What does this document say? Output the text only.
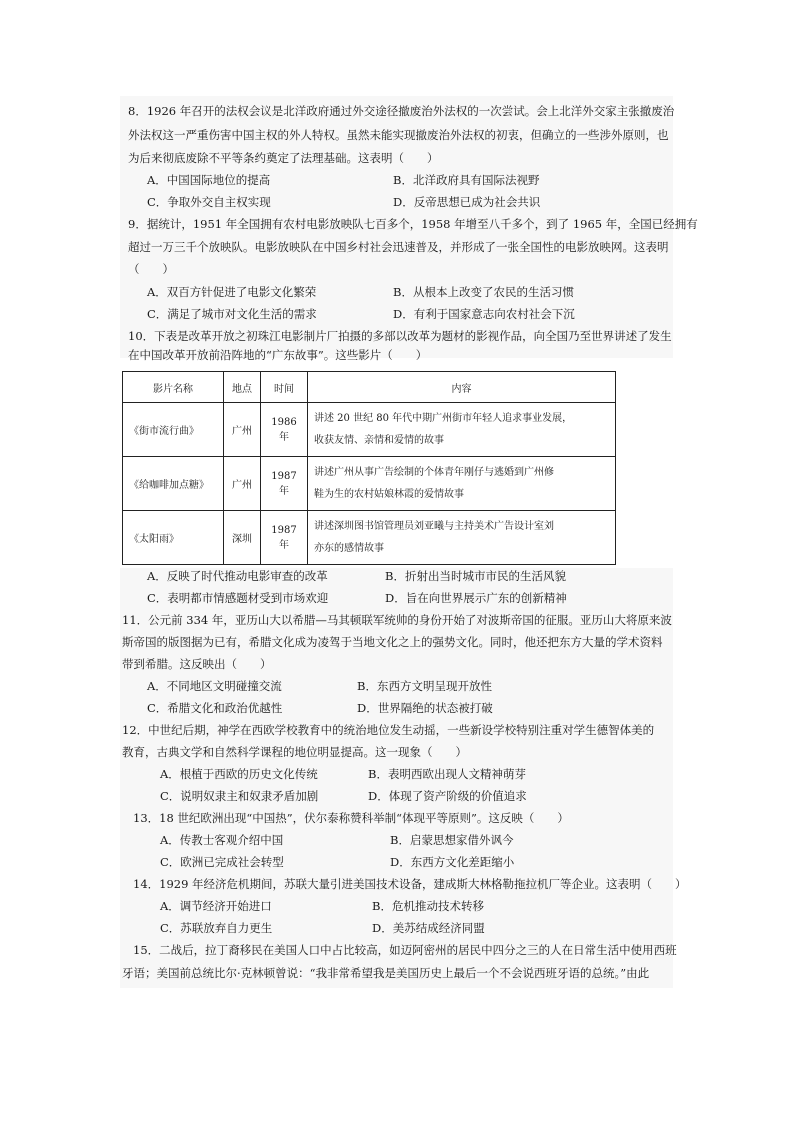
8．1926 年召开的法权会议是北洋政府通过外交途径撤废治外法权的一次尝试。会上北洋外交家主张撤废治
外法权这一严重伤害中国主权的外人特权。虽然未能实现撤废治外法权的初衷，但确立的一些涉外原则，也
为后来彻底废除不平等条约奠定了法理基础。这表明（　　）
A．中国国际地位的提高	B．北洋政府具有国际法视野
C．争取外交自主权实现	D．反帝思想已成为社会共识
9．据统计，1951 年全国拥有农村电影放映队七百多个，1958 年增至八千多个，到了 1965 年，全国已经拥有
超过一万三千个放映队。电影放映队在中国乡村社会迅速普及，并形成了一张全国性的电影放映网。这表明
（　　）
A．双百方针促进了电影文化繁荣	B．从根本上改变了农民的生活习惯
C．满足了城市对文化生活的需求	D．有利于国家意志向农村社会下沉
10．下表是改革开放之初珠江电影制片厂拍摄的多部以改革为题材的影视作品，向全国乃至世界讲述了发生
在中国改革开放前沿阵地的“广东故事”。这些影片（　　）
影片名称	地点	时间	内容
《街市流行曲》	广州	1986 年	讲述 20 世纪 80 年代中期广州街市年轻人追求事业发展，
收获友情、亲情和爱情的故事
《给咖啡加点糖》	广州	1987 年	讲述广州从事广告绘制的个体青年刚仔与逃婚到广州修
鞋为生的农村姑娘林霞的爱情故事
《太阳雨》	深圳	1987 年	讲述深圳图书馆管理员刘亚曦与主持美术广告设计室刘
亦东的感情故事
A．反映了时代推动电影审查的改革	B．折射出当时城市市民的生活风貌
C．表明都市情感题材受到市场欢迎	D．旨在向世界展示广东的创新精神
11．公元前 334 年，亚历山大以希腊—马其顿联军统帅的身份开始了对波斯帝国的征服。亚历山大将原来波
斯帝国的版图据为已有，希腊文化成为凌驾于当地文化之上的强势文化。同时，他还把东方大量的学术资料
带到希腊。这反映出（　　）
A．不同地区文明碰撞交流	B．东西方文明呈现开放性
C．希腊文化和政治优越性	D．世界隔绝的状态被打破
12．中世纪后期，神学在西欧学校教育中的统治地位发生动摇，一些新设学校特别注重对学生德智体美的
教育，古典文学和自然科学课程的地位明显提高。这一现象（　　）
A．根植于西欧的历史文化传统	B．表明西欧出现人文精神萌芽
C．说明奴隶主和奴隶矛盾加剧	D．体现了资产阶级的价值追求
13．18 世纪欧洲出现“中国热”，伏尔泰称赞科举制“体现平等原则”。这反映（　　）
A．传教士客观介绍中国	B．启蒙思想家借外讽今
C．欧洲已完成社会转型	D．东西方文化差距缩小
14．1929 年经济危机期间，苏联大量引进美国技术设备，建成斯大林格勒拖拉机厂等企业。这表明（　　）
A．调节经济开始进口	B．危机推动技术转移
C．苏联放弃自力更生	D．美苏结成经济同盟
15．二战后，拉丁裔移民在美国人口中占比较高，如迈阿密州的居民中四分之三的人在日常生活中使用西班
牙语；美国前总统比尔·克林顿曾说：“我非常希望我是美国历史上最后一个不会说西班牙语的总统。”由此
